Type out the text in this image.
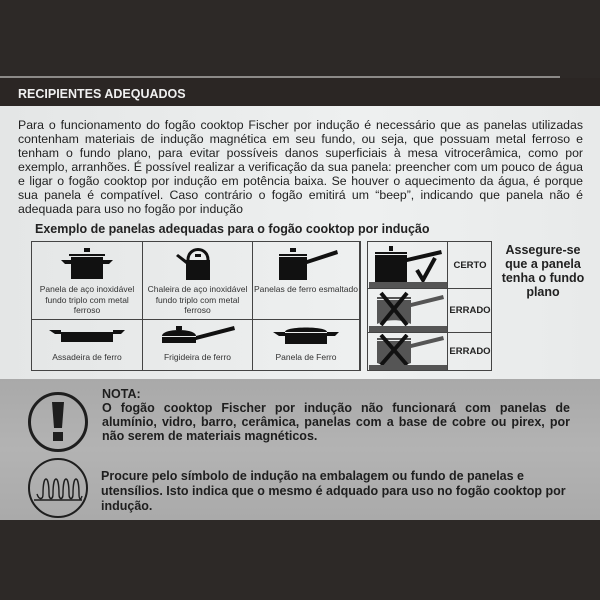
RECIPIENTES ADEQUADOS

Para o funcionamento do fogão cooktop Fischer por indução é necessário que as panelas utilizadas contenham materiais de indução magnética em seu fundo, ou seja, que possuam metal ferroso e tenham o fundo plano, para evitar possíveis danos superficiais à mesa vitrocerâmica, como por exemplo, arranhões. É possível realizar a verificação da sua panela: preencher com um pouco de água e ligar o fogão cooktop por indução em potência baixa. Se houver o aquecimento da água, é porque sua panela é compatível. Caso contrário o fogão emitirá um “beep”, indicando que panela não é adequada para uso no fogão por indução

Exemplo de panelas adequadas para o fogão cooktop por indução
Panela de aço inoxidável fundo triplo com metal ferroso
Chaleira de aço inoxidável fundo triplo com metal ferroso
Panelas de ferro esmaltado
Assadeira de ferro	Frigideira de ferro	Panela de Ferro
CERTO
ERRADO
ERRADO
Assegure-se que a panela tenha o fundo plano
NOTA:
O fogão cooktop Fischer por indução não funcionará com panelas de alumínio, vidro, barro, cerâmica, panelas com a base de cobre ou pirex, por não serem de materiais magnéticos.
Procure pelo símbolo de indução na embalagem ou fundo de panelas e utensílios. Isto indica que o mesmo é adquado para uso no fogão cooktop por indução.
